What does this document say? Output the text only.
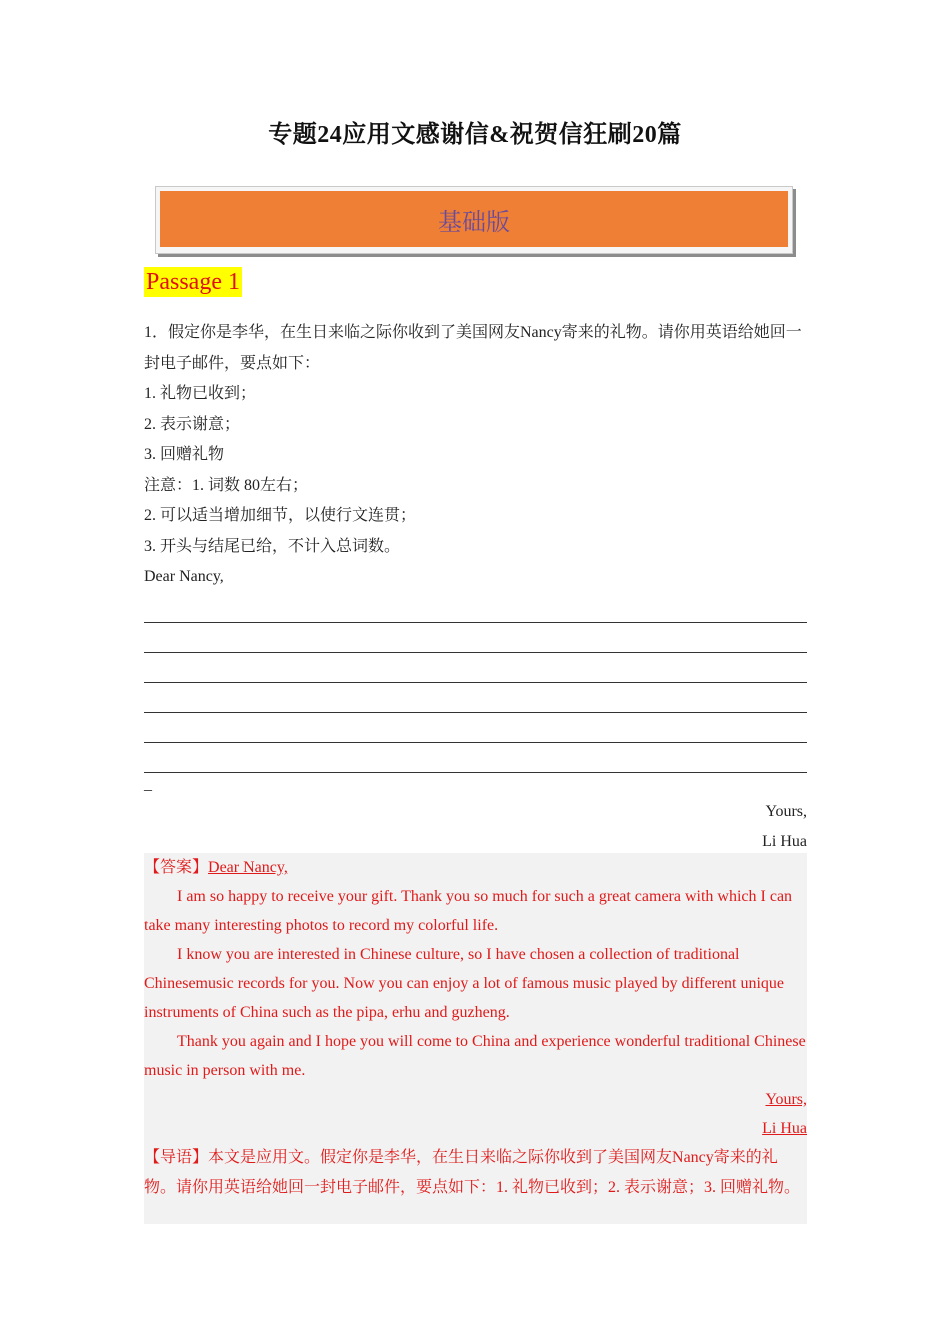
专题24应用文感谢信&祝贺信狂刷20篇
基础版
Passage 1

1．假定你是李华，在生日来临之际你收到了美国网友Nancy寄来的礼物。请你用英语给她回一封电子邮件，要点如下：

1. 礼物已收到；

2. 表示谢意；

3. 回赠礼物

注意：1. 词数 80左右；

2. 可以适当增加细节，以使行文连贯；

3. 开头与结尾已给，不计入总词数。

Dear Nancy,

_

Yours,

Li Hua

【答案】Dear Nancy,

I am so happy to receive your gift. Thank you so much for such a great camera with which I can take many interesting photos to record my colorful life.

I know you are interested in Chinese culture, so I have chosen a collection of traditional Chinesemusic records for you. Now you can enjoy a lot of famous music played by different unique instruments of China such as the pipa, erhu and guzheng.

Thank you again and I hope you will come to China and experience wonderful traditional Chinese music in person with me.

Yours,

Li Hua

【导语】本文是应用文。假定你是李华，在生日来临之际你收到了美国网友Nancy寄来的礼物。请你用英语给她回一封电子邮件，要点如下：1. 礼物已收到；2. 表示谢意；3. 回赠礼物。
